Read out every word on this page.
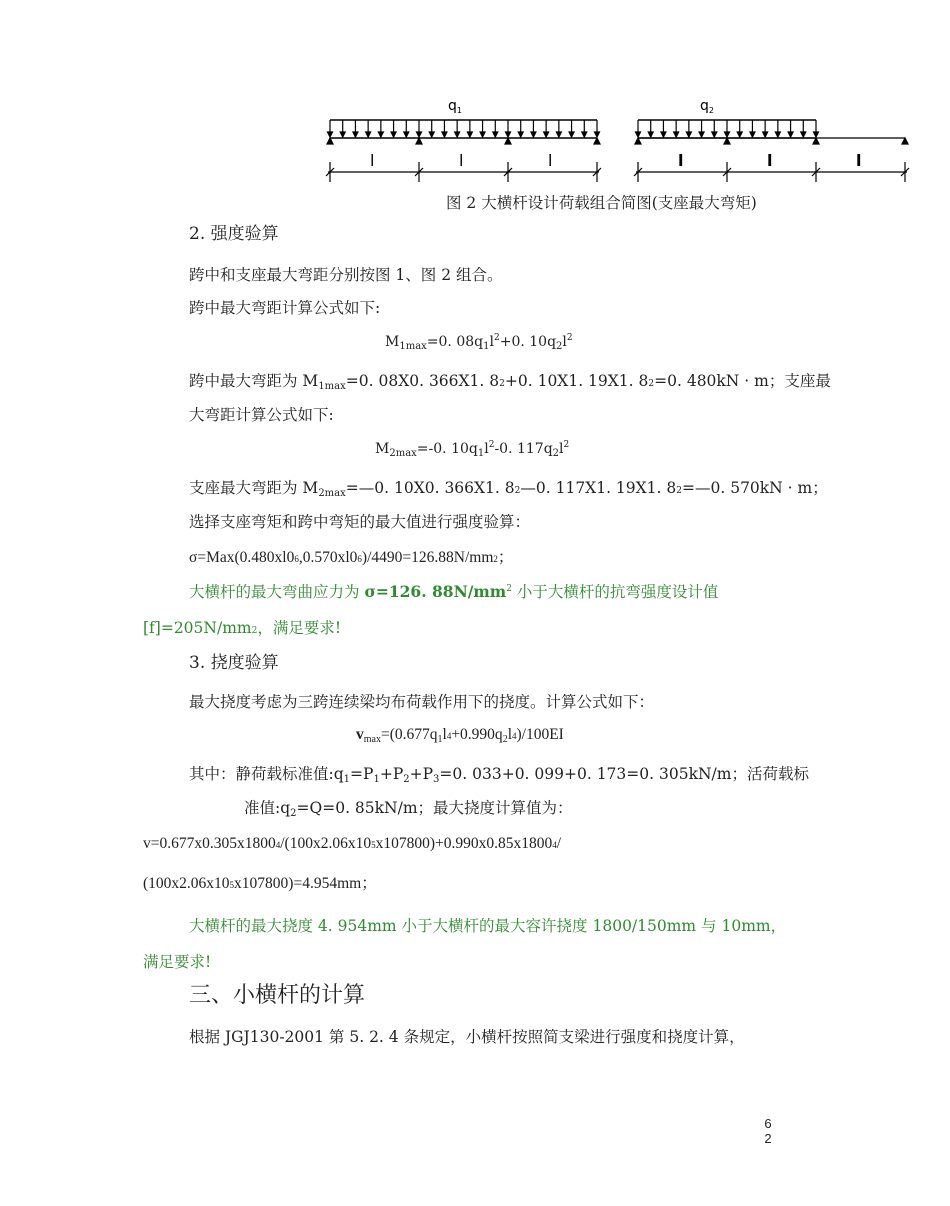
$q_1$
l	l	l
$q_2$
l	l	l
图 2 大横杆设计荷载组合简图(支座最大弯矩)
2. 强度验算
跨中和支座最大弯距分别按图 1、图 2 组合。
跨中最大弯距计算公式如下:
$M_{1max}=0$. $08q_1l^2+0$. $10q_2l^2$
跨中最大弯距为 $M_{1max}=0$. 08X0. 366X1. 82+0. 10X1. 19X1. 82=0. 480kN · m；支座最
大弯距计算公式如下:
$M_{2max}=-0$. $10q_1l^2-0$. $117q_2l^2$
支座最大弯距为 $M_{2max}=—0$. 10X0. 366X1. 82—0. 117X1. 19X1. 82=—0. 570kN · m；
选择支座弯矩和跨中弯矩的最大值进行强度验算：
σ=Max(0.480xl06,0.570xl06)/4490=126.88N/mm2；
大横杆的最大弯曲应力为 σ=126. $88N/mm^2$ 小于大横杆的抗弯强度设计值
[f]=205N/mm2，满足要求!
3. 挠度验算
最大挠度考虑为三跨连续梁均布荷载作用下的挠度。计算公式如下：
$v_{max}=(0.677q_1l4+0.990q_2l4)/100EI$
其中：静荷载标准值$:q_1=P_1+P_2+P_3=0$. 033+0. 099+0. 173=0. 305kN/m；活荷载标
准值$:q_2=Q=0$. 85kN/m；最大挠度计算值为：
v=0.677x0.305x18004/(100x2.06x105x107800)+0.990x0.85x18004/
(100x2.06x105x107800)=4.954mm；
大横杆的最大挠度 4. 954mm 小于大横杆的最大容许挠度 1800/150mm 与 10mm，
满足要求!
三、小横杆的计算
根据 JGJ130-2001 第 5. 2. 4 条规定，小横杆按照简支梁进行强度和挠度计算，
6
2
